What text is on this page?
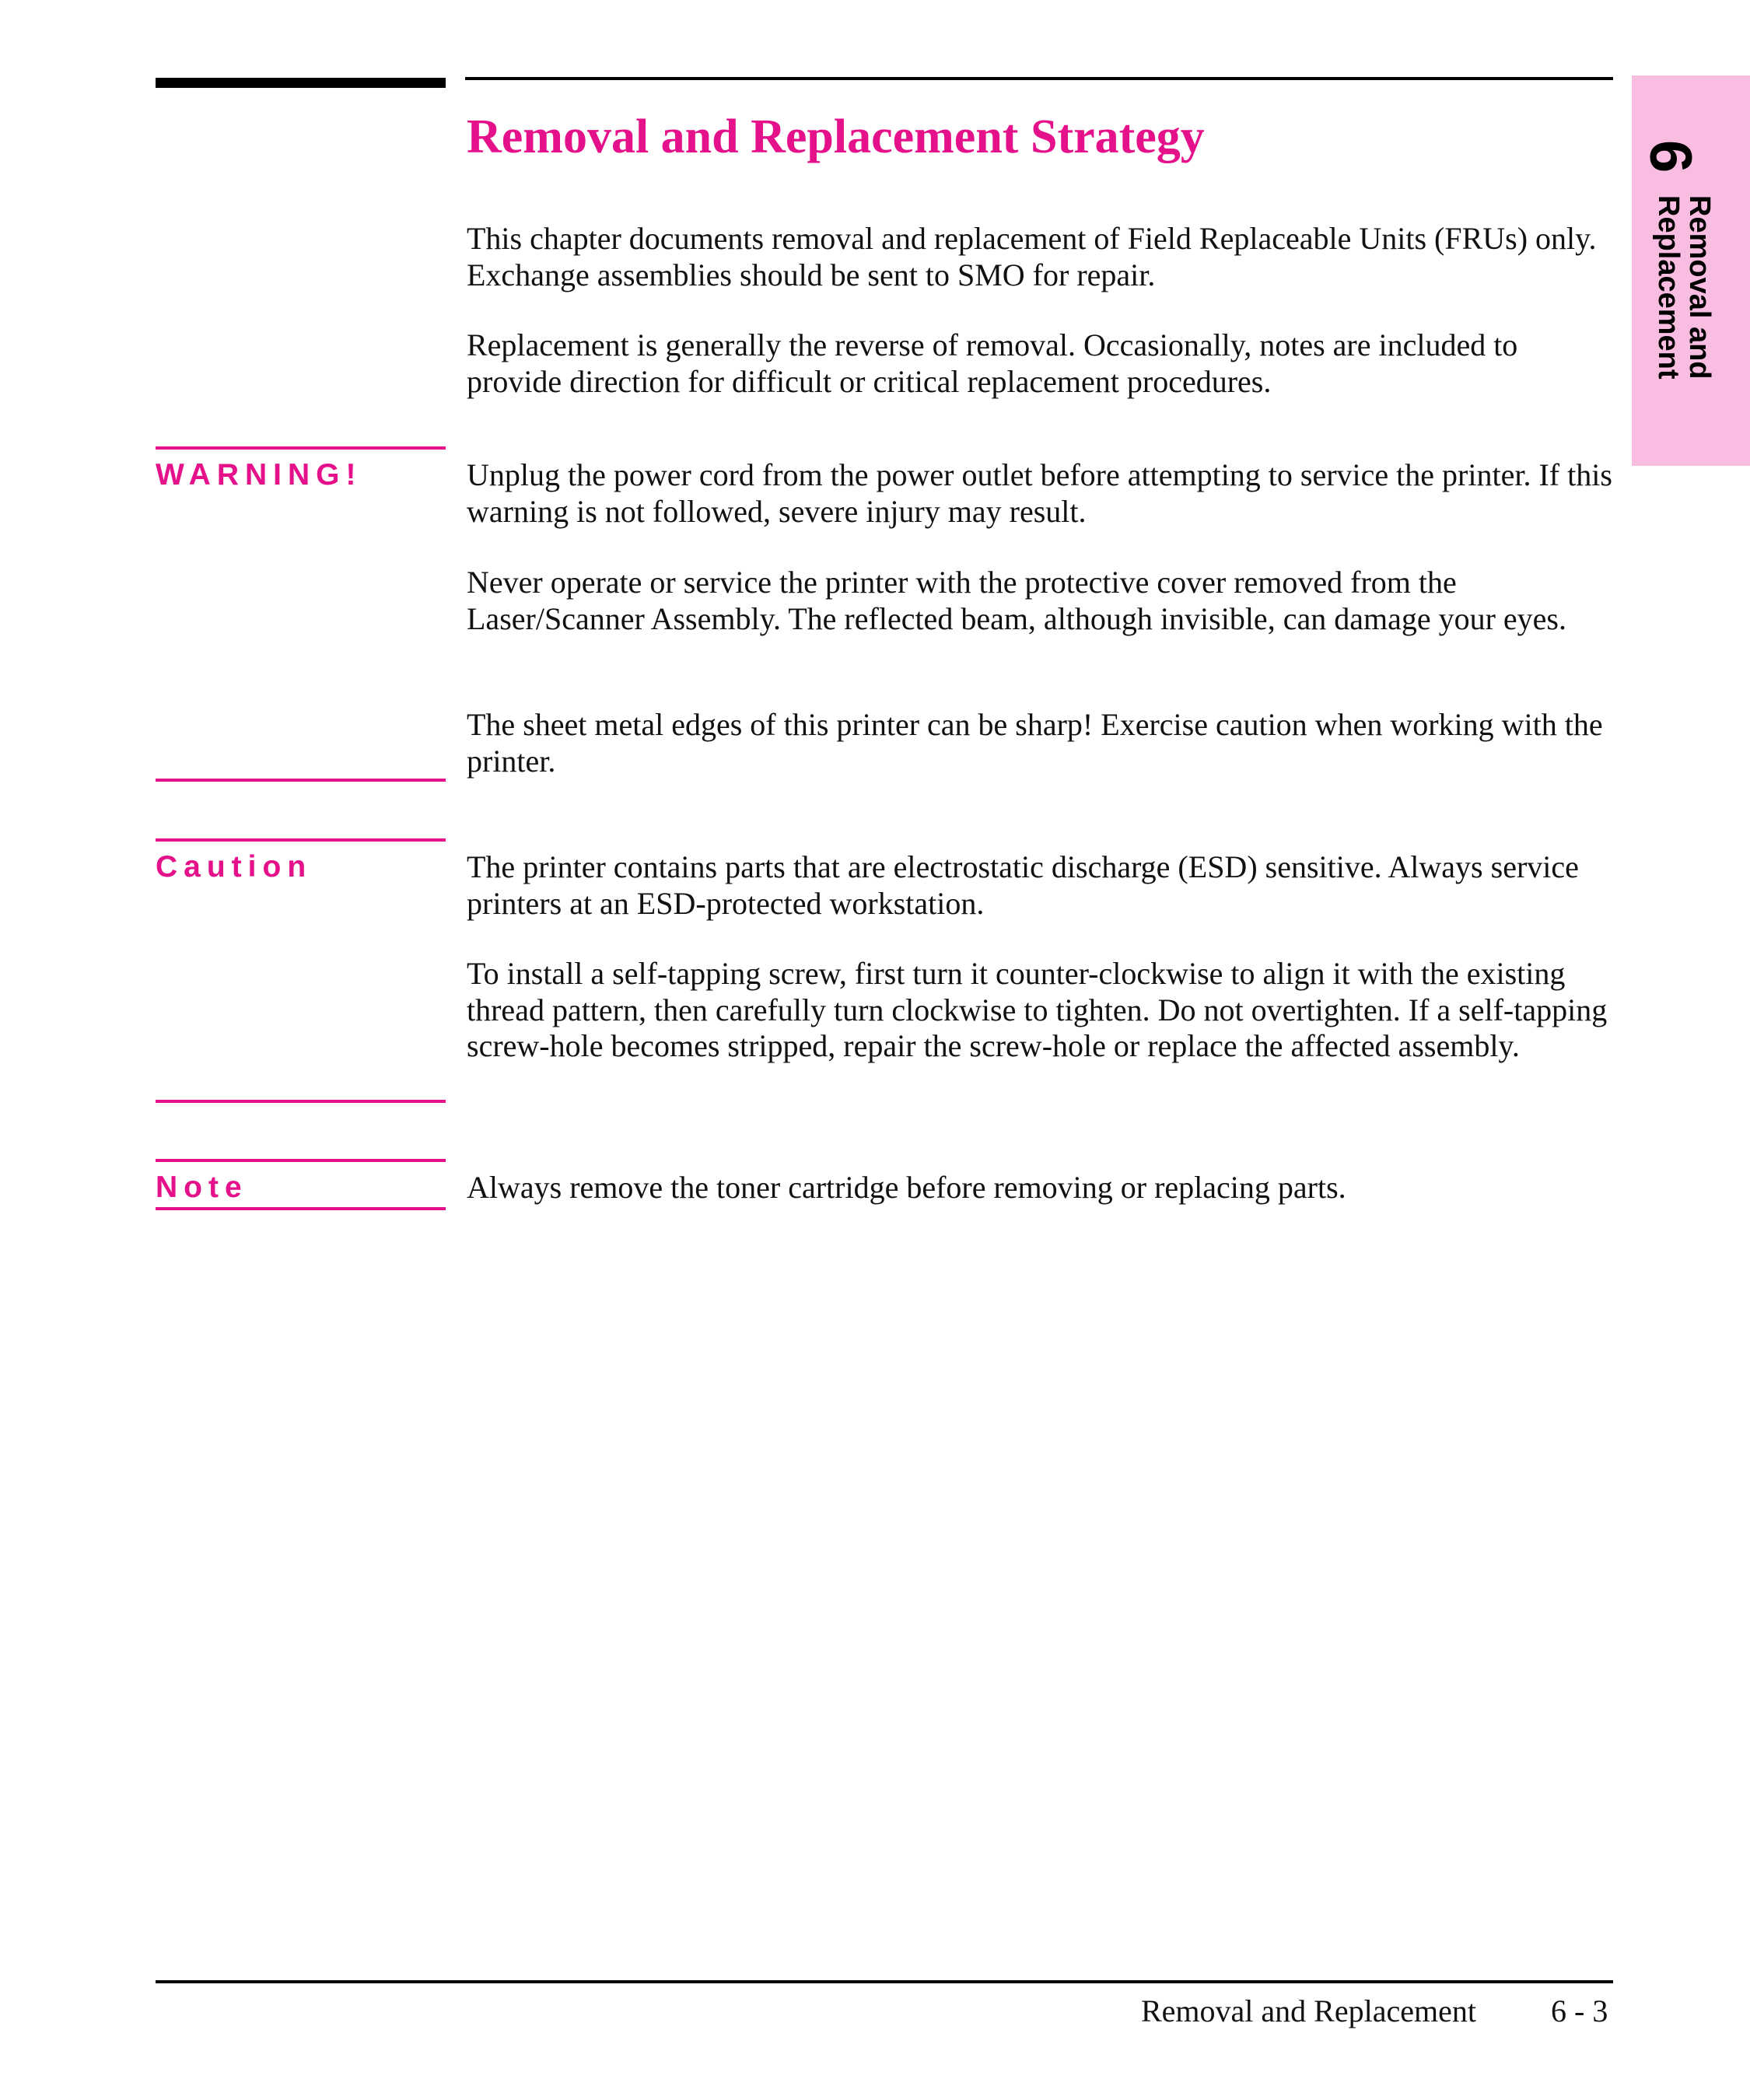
Removal and Replacement Strategy

This chapter documents removal and replacement of Field Replaceable Units (FRUs) only. Exchange assemblies should be sent to SMO for repair.

Replacement is generally the reverse of removal. Occasionally, notes are included to provide direction for difficult or critical replacement procedures.

WARNING!	Unplug the power cord from the power outlet before attempting to service the printer. If this warning is not followed, severe injury may result.

Never operate or service the printer with the protective cover removed from the Laser/Scanner Assembly. The reflected beam, although invisible, can damage your eyes.

The sheet metal edges of this printer can be sharp! Exercise caution when working with the printer.

Caution	The printer contains parts that are electrostatic discharge (ESD) sensitive. Always service printers at an ESD-protected workstation.

To install a self-tapping screw, first turn it counter-clockwise to align it with the existing thread pattern, then carefully turn clockwise to tighten. Do not overtighten. If a self-tapping screw-hole becomes stripped, repair the screw-hole or replace the affected assembly.

Note	Always remove the toner cartridge before removing or replacing parts.

6
Removal and
Replacement

Removal and Replacement 6 - 3
